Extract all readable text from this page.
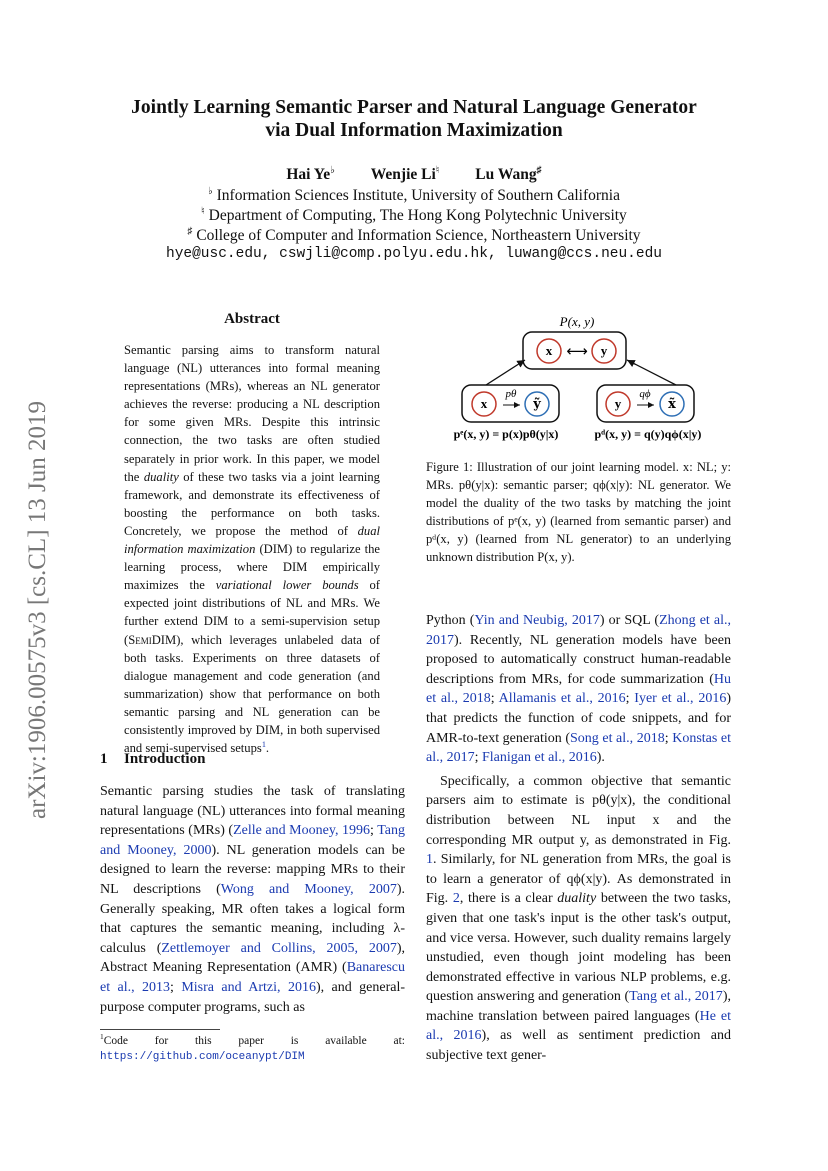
Jointly Learning Semantic Parser and Natural Language Generator
via Dual Information Maximization
Hai Ye♭ Wenjie Li♮ Lu Wang♯
♭ Information Sciences Institute, University of Southern California
♮ Department of Computing, The Hong Kong Polytechnic University
♯ College of Computer and Information Science, Northeastern University
hye@usc.edu, cswjli@comp.polyu.edu.hk, luwang@ccs.neu.edu
arXiv:1906.00575v3 [cs.CL] 13 Jun 2019
Abstract
Semantic parsing aims to transform natural language (NL) utterances into formal meaning representations (MRs), whereas an NL generator achieves the reverse: producing a NL description for some given MRs. Despite this intrinsic connection, the two tasks are often studied separately in prior work. In this paper, we model the duality of these two tasks via a joint learning framework, and demonstrate its effectiveness of boosting the performance on both tasks. Concretely, we propose the method of dual information maximization (DIM) to regularize the learning process, where DIM empirically maximizes the variational lower bounds of expected joint distributions of NL and MRs. We further extend DIM to a semi-supervision setup (SemiDIM), which leverages unlabeled data of both tasks. Experiments on three datasets of dialogue management and code generation (and summarization) show that performance on both semantic parsing and NL generation can be consistently improved by DIM, in both supervised and semi-supervised setups$^1$.
1 Introduction
Semantic parsing studies the task of translating natural language (NL) utterances into formal meaning representations (MRs) (Zelle and Mooney, 1996; Tang and Mooney, 2000). NL generation models can be designed to learn the reverse: mapping MRs to their NL descriptions (Wong and Mooney, 2007). Generally speaking, MR often takes a logical form that captures the semantic meaning, including λ-calculus (Zettlemoyer and Collins, 2005, 2007), Abstract Meaning Representation (AMR) (Banarescu et al., 2013; Misra and Artzi, 2016), and general-purpose computer programs, such as
$^1$Code for this paper is available at: https://github.com/oceanypt/DIM
P(x, y)
x ⟷ y
x
pθ
ỹ	y
qϕ
x̃
pᵉ(x, y) = p(x)pθ(y|x)	pᵈ(x, y) = q(y)qϕ(x|y)
Figure 1: Illustration of our joint learning model. x: NL; y: MRs. pθ(y|x): semantic parser; qϕ(x|y): NL generator. We model the duality of the two tasks by matching the joint distributions of pᵉ(x, y) (learned from semantic parser) and pᵈ(x, y) (learned from NL generator) to an underlying unknown distribution P(x, y).

Python (Yin and Neubig, 2017) or SQL (Zhong et al., 2017). Recently, NL generation models have been proposed to automatically construct human-readable descriptions from MRs, for code summarization (Hu et al., 2018; Allamanis et al., 2016; Iyer et al., 2016) that predicts the function of code snippets, and for AMR-to-text generation (Song et al., 2018; Konstas et al., 2017; Flanigan et al., 2016).

Specifically, a common objective that semantic parsers aim to estimate is pθ(y|x), the conditional distribution between NL input x and the corresponding MR output y, as demonstrated in Fig. 1. Similarly, for NL generation from MRs, the goal is to learn a generator of qϕ(x|y). As demonstrated in Fig. 2, there is a clear duality between the two tasks, given that one task's input is the other task's output, and vice versa. However, such duality remains largely unstudied, even though joint modeling has been demonstrated effective in various NLP problems, e.g. question answering and generation (Tang et al., 2017), machine translation between paired languages (He et al., 2016), as well as sentiment prediction and subjective text gener-
